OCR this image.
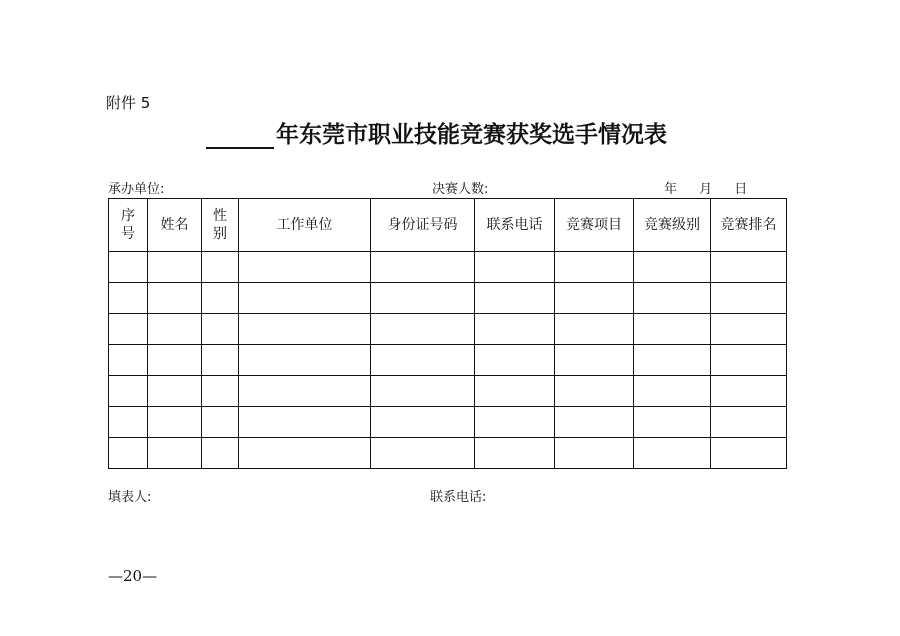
附件 5
年东莞市职业技能竞赛获奖选手情况表
承办单位:	决赛人数:	年 月 日
序号	姓名	性别	工作单位	身份证号码	联系电话	竞赛项目	竞赛级别	竞赛排名

填表人:	联系电话:
—20—
